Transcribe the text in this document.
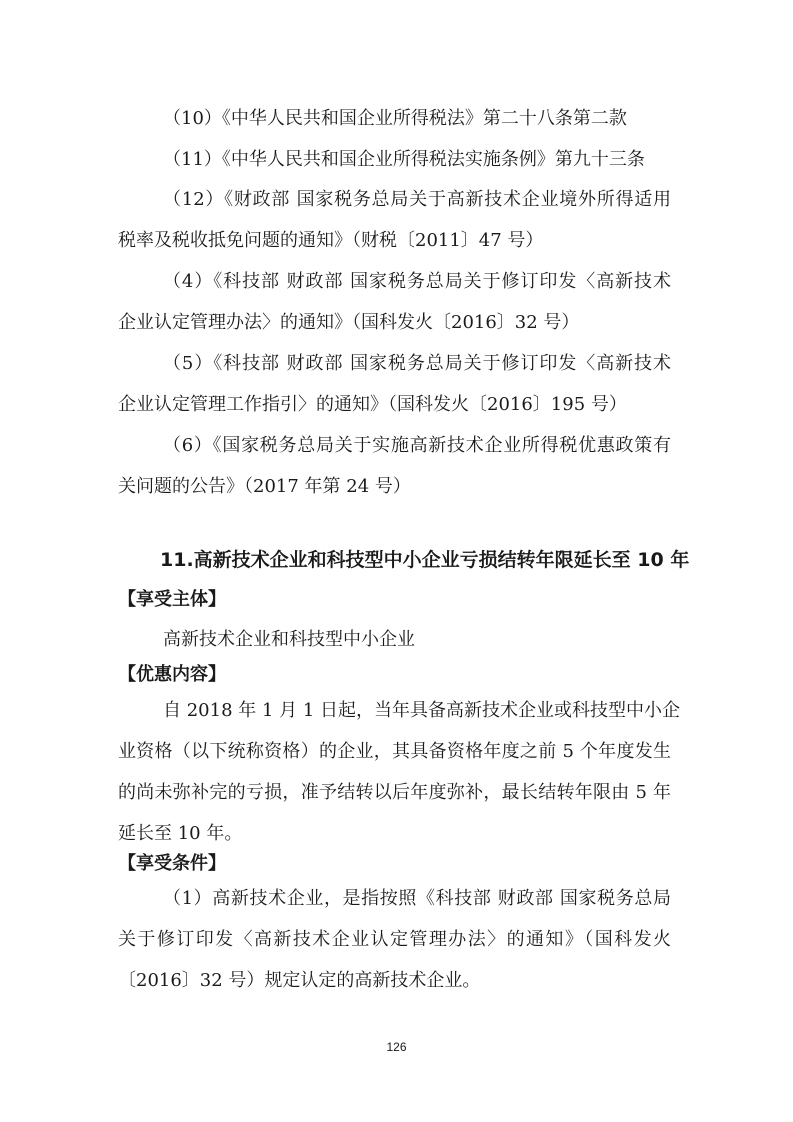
（10）《中华人民共和国企业所得税法》第二十八条第二款
（11）《中华人民共和国企业所得税法实施条例》第九十三条
（12）《财政部 国家税务总局关于高新技术企业境外所得适用
税率及税收抵免问题的通知》（财税〔2011〕47 号）
（4）《科技部 财政部 国家税务总局关于修订印发〈高新技术
企业认定管理办法〉的通知》（国科发火〔2016〕32 号）
（5）《科技部 财政部 国家税务总局关于修订印发〈高新技术
企业认定管理工作指引〉的通知》（国科发火〔2016〕195 号）
（6）《国家税务总局关于实施高新技术企业所得税优惠政策有
关问题的公告》（2017 年第 24 号）
11.高新技术企业和科技型中小企业亏损结转年限延长至 10 年
【享受主体】
高新技术企业和科技型中小企业
【优惠内容】
自 2018 年 1 月 1 日起，当年具备高新技术企业或科技型中小企
业资格（以下统称资格）的企业，其具备资格年度之前 5 个年度发生
的尚未弥补完的亏损，准予结转以后年度弥补，最长结转年限由 5 年
延长至 10 年。
【享受条件】
（1）高新技术企业，是指按照《科技部 财政部 国家税务总局
关于修订印发〈高新技术企业认定管理办法〉的通知》（国科发火
〔2016〕32 号）规定认定的高新技术企业。
126
